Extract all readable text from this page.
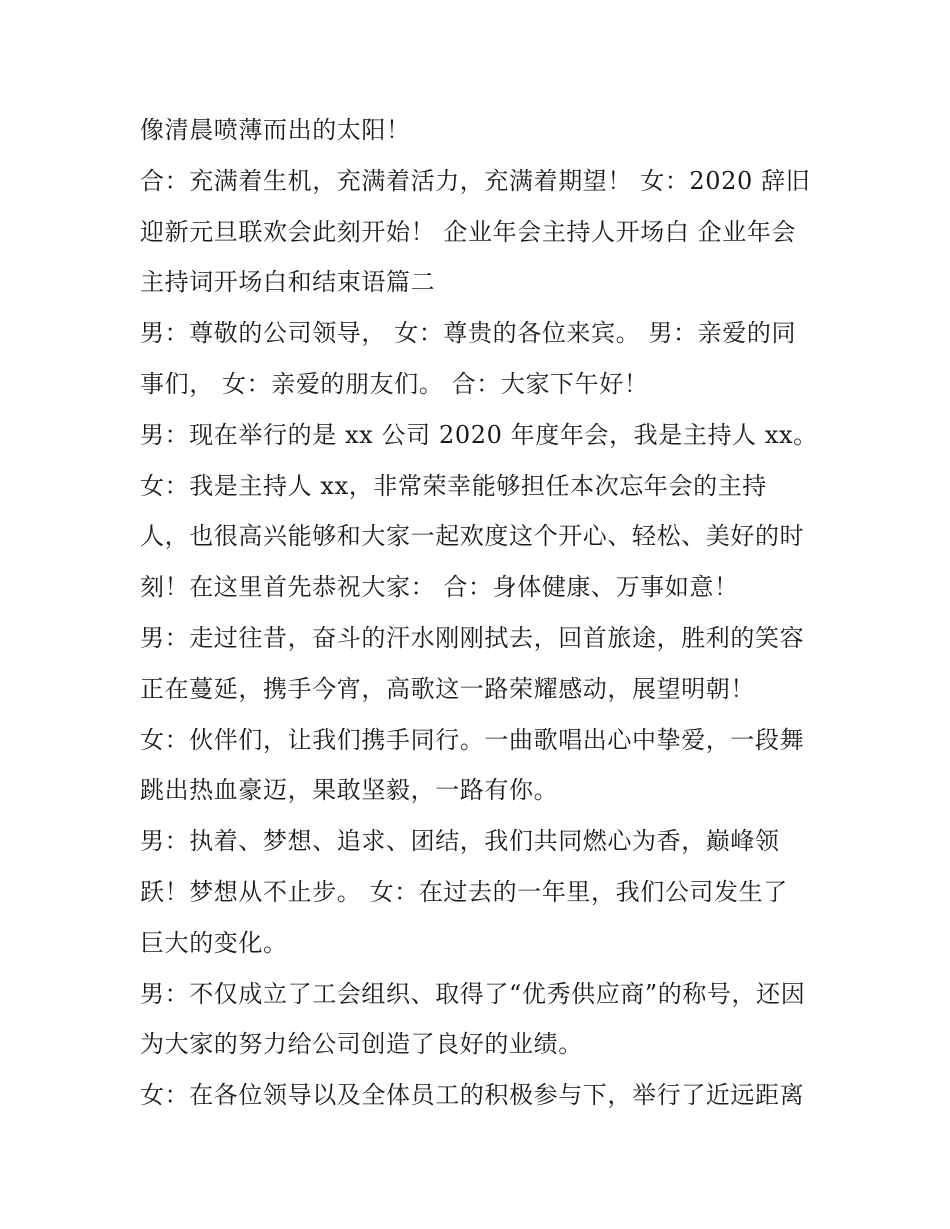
像清晨喷薄而出的太阳！
合：充满着生机，充满着活力，充满着期望！ 女：2020 辞旧
迎新元旦联欢会此刻开始！ 企业年会主持人开场白 企业年会
主持词开场白和结束语篇二
男：尊敬的公司领导， 女：尊贵的各位来宾。 男：亲爱的同
事们， 女：亲爱的朋友们。 合：大家下午好！
男：现在举行的是 xx 公司 2020 年度年会，我是主持人 xx。
女：我是主持人 xx，非常荣幸能够担任本次忘年会的主持
人，也很高兴能够和大家一起欢度这个开心、轻松、美好的时
刻！在这里首先恭祝大家： 合：身体健康、万事如意！
男：走过往昔，奋斗的汗水刚刚拭去，回首旅途，胜利的笑容
正在蔓延，携手今宵，高歌这一路荣耀感动，展望明朝！
女：伙伴们，让我们携手同行。一曲歌唱出心中挚爱，一段舞
跳出热血豪迈，果敢坚毅，一路有你。
男：执着、梦想、追求、团结，我们共同燃心为香，巅峰领
跃！梦想从不止步。 女：在过去的一年里，我们公司发生了
巨大的变化。
男：不仅成立了工会组织、取得了“优秀供应商”的称号，还因
为大家的努力给公司创造了良好的业绩。
女：在各位领导以及全体员工的积极参与下，举行了近远距离
